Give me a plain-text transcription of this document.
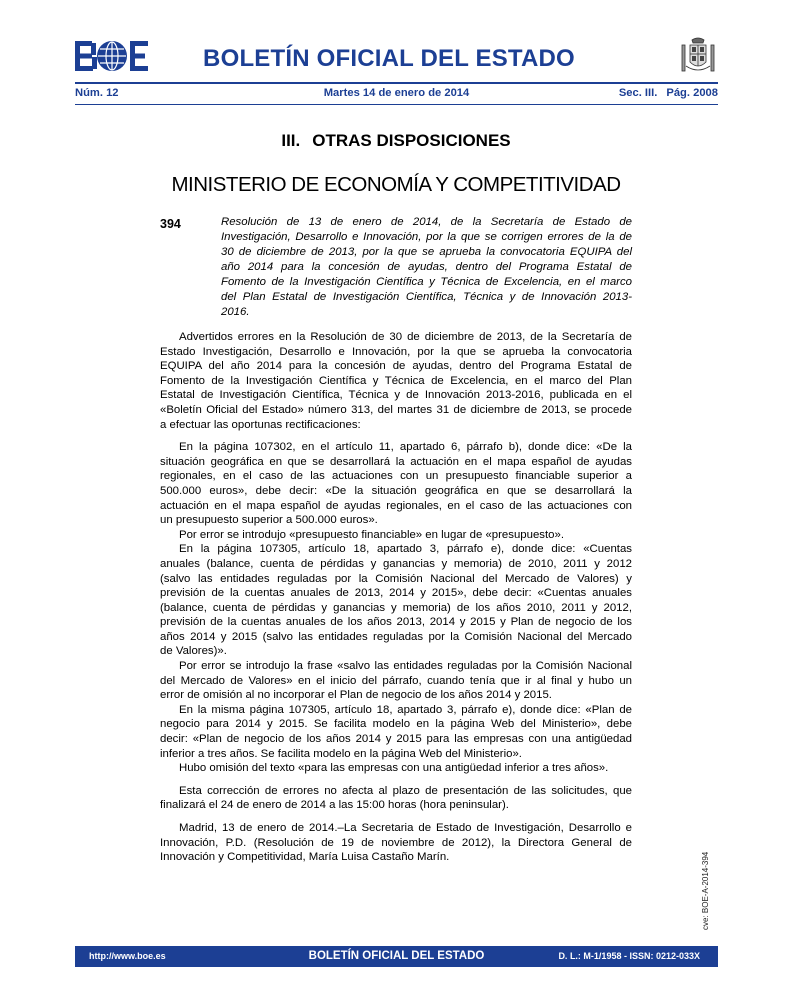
BOLETÍN OFICIAL DEL ESTADO
Núm. 12	Martes 14 de enero de 2014	Sec. III. Pág. 2008
III. OTRAS DISPOSICIONES
MINISTERIO DE ECONOMÍA Y COMPETITIVIDAD
394	Resolución de 13 de enero de 2014, de la Secretaría de Estado de
Investigación, Desarrollo e Innovación, por la que se corrigen errores de la de
30 de diciembre de 2013, por la que se aprueba la convocatoria EQUIPA del
año 2014 para la concesión de ayudas, dentro del Programa Estatal de
Fomento de la Investigación Científica y Técnica de Excelencia, en el marco
del Plan Estatal de Investigación Científica, Técnica y de Innovación 2013-
2016.
Advertidos errores en la Resolución de 30 de diciembre de 2013, de la Secretaría de
Estado Investigación, Desarrollo e Innovación, por la que se aprueba la convocatoria
EQUIPA del año 2014 para la concesión de ayudas, dentro del Programa Estatal de
Fomento de la Investigación Científica y Técnica de Excelencia, en el marco del Plan
Estatal de Investigación Científica, Técnica y de Innovación 2013-2016, publicada en el
«Boletín Oficial del Estado» número 313, del martes 31 de diciembre de 2013, se procede
a efectuar las oportunas rectificaciones:
En la página 107302, en el artículo 11, apartado 6, párrafo b), donde dice: «De la
situación geográfica en que se desarrollará la actuación en el mapa español de ayudas
regionales, en el caso de las actuaciones con un presupuesto financiable superior a
500.000 euros», debe decir: «De la situación geográfica en que se desarrollará la
actuación en el mapa español de ayudas regionales, en el caso de las actuaciones con
un presupuesto superior a 500.000 euros».
Por error se introdujo «presupuesto financiable» en lugar de «presupuesto».
En la página 107305, artículo 18, apartado 3, párrafo e), donde dice: «Cuentas
anuales (balance, cuenta de pérdidas y ganancias y memoria) de 2010, 2011 y 2012
(salvo las entidades reguladas por la Comisión Nacional del Mercado de Valores) y
previsión de la cuentas anuales de 2013, 2014 y 2015», debe decir: «Cuentas anuales
(balance, cuenta de pérdidas y ganancias y memoria) de los años 2010, 2011 y 2012,
previsión de la cuentas anuales de los años 2013, 2014 y 2015 y Plan de negocio de los
años 2014 y 2015 (salvo las entidades reguladas por la Comisión Nacional del Mercado
de Valores)».
Por error se introdujo la frase «salvo las entidades reguladas por la Comisión Nacional
del Mercado de Valores» en el inicio del párrafo, cuando tenía que ir al final y hubo un
error de omisión al no incorporar el Plan de negocio de los años 2014 y 2015.
En la misma página 107305, artículo 18, apartado 3, párrafo e), donde dice: «Plan de
negocio para 2014 y 2015. Se facilita modelo en la página Web del Ministerio», debe
decir: «Plan de negocio de los años 2014 y 2015 para las empresas con una antigüedad
inferior a tres años. Se facilita modelo en la página Web del Ministerio».
Hubo omisión del texto «para las empresas con una antigüedad inferior a tres años».
Esta corrección de errores no afecta al plazo de presentación de las solicitudes, que
finalizará el 24 de enero de 2014 a las 15:00 horas (hora peninsular).
Madrid, 13 de enero de 2014.–La Secretaria de Estado de Investigación, Desarrollo e
Innovación, P.D. (Resolución de 19 de noviembre de 2012), la Directora General de
Innovación y Competitividad, María Luisa Castaño Marín.	cve: BOE-A-2014-394
http://www.boe.es	BOLETÍN OFICIAL DEL ESTADO	D. L.: M-1/1958 - ISSN: 0212-033X
